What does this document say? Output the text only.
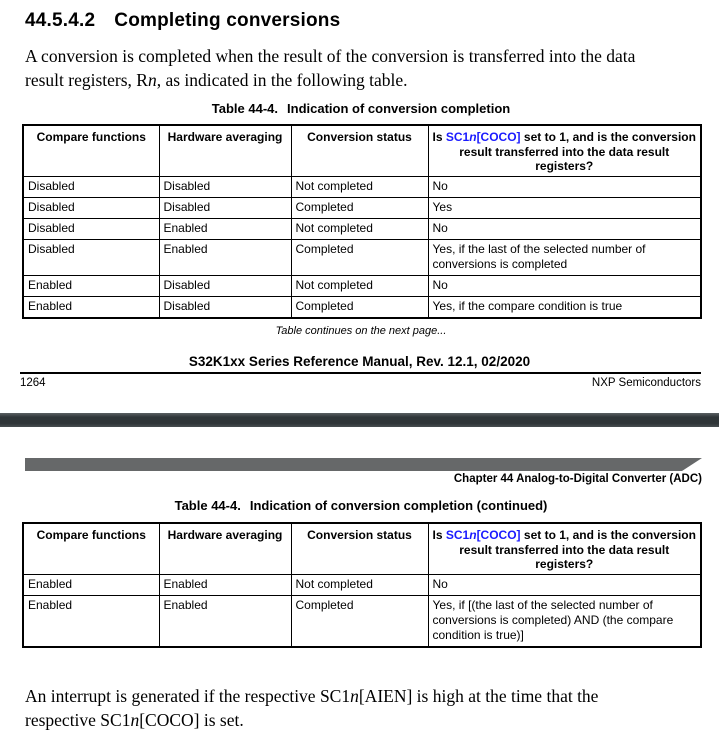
44.5.4.2 Completing conversions
A conversion is completed when the result of the conversion is transferred into the data
result registers, Rn, as indicated in the following table.
Table 44-4. Indication of conversion completion
Compare functions	Hardware averaging	Conversion status	Is SC1n[COCO] set to 1, and is the conversion result transferred into the data result registers?
Disabled	Disabled	Not completed	No
Disabled	Disabled	Completed	Yes
Disabled	Enabled	Not completed	No
Disabled	Enabled	Completed	Yes, if the last of the selected number of conversions is completed
Enabled	Disabled	Not completed	No
Enabled	Disabled	Completed	Yes, if the compare condition is true
Table continues on the next page...
S32K1xx Series Reference Manual, Rev. 12.1, 02/2020
1264	NXP Semiconductors
Chapter 44 Analog-to-Digital Converter (ADC)
Table 44-4. Indication of conversion completion (continued)
Compare functions	Hardware averaging	Conversion status	Is SC1n[COCO] set to 1, and is the conversion result transferred into the data result registers?
Enabled	Enabled	Not completed	No
Enabled	Enabled	Completed	Yes, if [(the last of the selected number of conversions is completed) AND (the compare condition is true)]
An interrupt is generated if the respective SC1n[AIEN] is high at the time that the
respective SC1n[COCO] is set.
